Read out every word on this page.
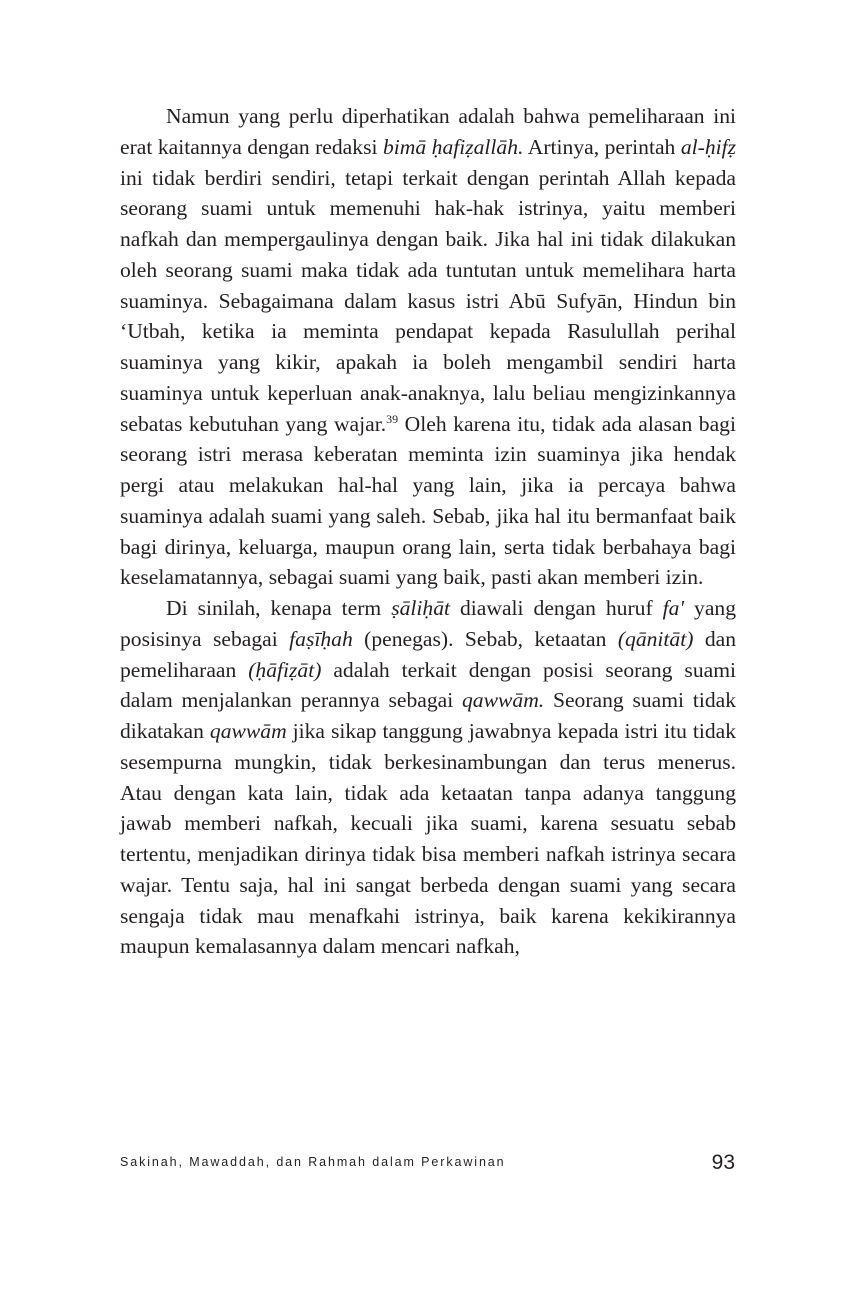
Namun yang perlu diperhatikan adalah bahwa pemeliharaan ini erat kaitannya dengan redaksi bimā ḥafiẓallāh. Artinya, perintah al-ḥifẓ ini tidak berdiri sendiri, tetapi terkait dengan perintah Allah kepada seorang suami untuk memenuhi hak-hak istrinya, yaitu memberi nafkah dan mempergaulinya dengan baik. Jika hal ini tidak dilakukan oleh seorang suami maka tidak ada tuntutan untuk memelihara harta suaminya. Sebagaimana dalam kasus istri Abū Sufyān, Hindun bin ‘Utbah, ketika ia meminta pendapat kepada Rasulullah perihal suaminya yang kikir, apakah ia boleh mengambil sendiri harta suaminya untuk keperluan anak-anaknya, lalu beliau mengizinkannya sebatas kebutuhan yang wajar.$^{39}$ Oleh karena itu, tidak ada alasan bagi seorang istri merasa keberatan meminta izin suaminya jika hendak pergi atau melakukan hal-hal yang lain, jika ia percaya bahwa suaminya adalah suami yang saleh. Sebab, jika hal itu bermanfaat baik bagi dirinya, keluarga, maupun orang lain, serta tidak berbahaya bagi keselamatannya, sebagai suami yang baik, pasti akan memberi izin.

Di sinilah, kenapa term ṣāliḥāt diawali dengan huruf fa' yang posisinya sebagai faṣīḥah (penegas). Sebab, ketaatan (qānitāt) dan pemeliharaan (ḥāfiẓāt) adalah terkait dengan posisi seorang suami dalam menjalankan perannya sebagai qawwām. Seorang suami tidak dikatakan qawwām jika sikap tanggung jawabnya kepada istri itu tidak sesempurna mungkin, tidak berkesinambungan dan terus menerus. Atau dengan kata lain, tidak ada ketaatan tanpa adanya tanggung jawab memberi nafkah, kecuali jika suami, karena sesuatu sebab tertentu, menjadikan dirinya tidak bisa memberi nafkah istrinya secara wajar. Tentu saja, hal ini sangat berbeda dengan suami yang secara sengaja tidak mau menafkahi istrinya, baik karena kekikirannya maupun kemalasannya dalam mencari nafkah,

Sakinah, Mawaddah, dan Rahmah dalam Perkawinan	93
